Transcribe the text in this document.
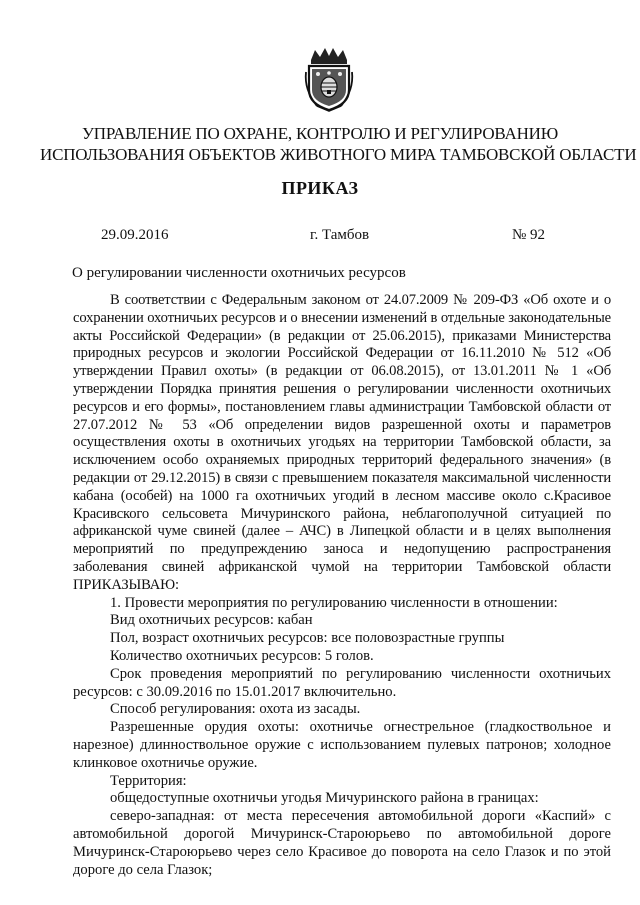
УПРАВЛЕНИЕ ПО ОХРАНЕ, КОНТРОЛЮ И РЕГУЛИРОВАНИЮ
ИСПОЛЬЗОВАНИЯ ОБЪЕКТОВ ЖИВОТНОГО МИРА ТАМБОВСКОЙ ОБЛАСТИ
ПРИКАЗ
29.09.2016	г. Тамбов	№ 92
О регулировании численности охотничьих ресурсов

В соответствии с Федеральным законом от 24.07.2009 № 209-ФЗ «Об охоте и о сохранении охотничьих ресурсов и о внесении изменений в отдельные законодательные акты Российской Федерации» (в редакции от 25.06.2015), приказами Министерства природных ресурсов и экологии Российской Федерации от 16.11.2010 № 512 «Об утверждении Правил охоты» (в редакции от 06.08.2015), от 13.01.2011 № 1 «Об утверждении Порядка принятия решения о регулировании численности охотничьих ресурсов и его формы», постановлением главы администрации Тамбовской области от 27.07.2012 № 53 «Об определении видов разрешенной охоты и параметров осуществления охоты в охотничьих угодьях на территории Тамбовской области, за исключением особо охраняемых природных территорий федерального значения» (в редакции от 29.12.2015) в связи с превышением показателя максимальной численности кабана (особей) на 1000 га охотничьих угодий в лесном массиве около с.Красивое Красивского сельсовета Мичуринского района, неблагополучной ситуацией по африканской чуме свиней (далее – АЧС) в Липецкой области и в целях выполнения мероприятий по предупреждению заноса и недопущению распространения заболевания свиней африканской чумой на территории Тамбовской области ПРИКАЗЫВАЮ:

1. Провести мероприятия по регулированию численности в отношении:

Вид охотничьих ресурсов: кабан

Пол, возраст охотничьих ресурсов: все половозрастные группы

Количество охотничьих ресурсов: 5 голов.

Срок проведения мероприятий по регулированию численности охотничьих ресурсов: с 30.09.2016 по 15.01.2017 включительно.

Способ регулирования: охота из засады.

Разрешенные орудия охоты: охотничье огнестрельное (гладкоствольное и нарезное) длинноствольное оружие с использованием пулевых патронов; холодное клинковое охотничье оружие.

Территория:

общедоступные охотничьи угодья Мичуринского района в границах:

северо-западная: от места пересечения автомобильной дороги «Каспий» с автомобильной дорогой Мичуринск-Староюрьево по автомобильной дороге Мичуринск-Староюрьево через село Красивое до поворота на село Глазок и по этой дороге до села Глазок;
